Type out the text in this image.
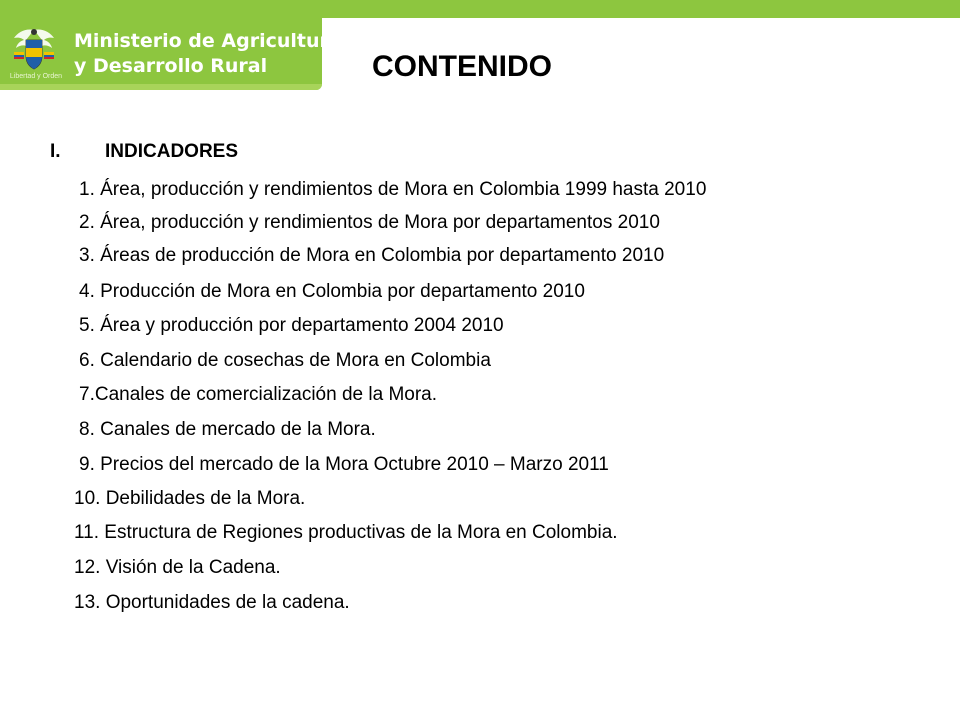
Libertad y Orden
Ministerio de Agricultura
y Desarrollo Rural	CONTENIDO
I. INDICADORES
1. Área, producción y rendimientos de Mora en Colombia 1999 hasta 2010
2. Área, producción y rendimientos de Mora por departamentos 2010
3. Áreas de producción de Mora en Colombia por departamento 2010
4. Producción de Mora en Colombia por departamento 2010
5. Área y producción por departamento 2004 2010
6. Calendario de cosechas de Mora en Colombia
7.Canales de comercialización de la Mora.
8. Canales de mercado de la Mora.
9. Precios del mercado de la Mora Octubre 2010 – Marzo 2011
10. Debilidades de la Mora.
11. Estructura de Regiones productivas de la Mora en Colombia.
12. Visión de la Cadena.
13. Oportunidades de la cadena.
